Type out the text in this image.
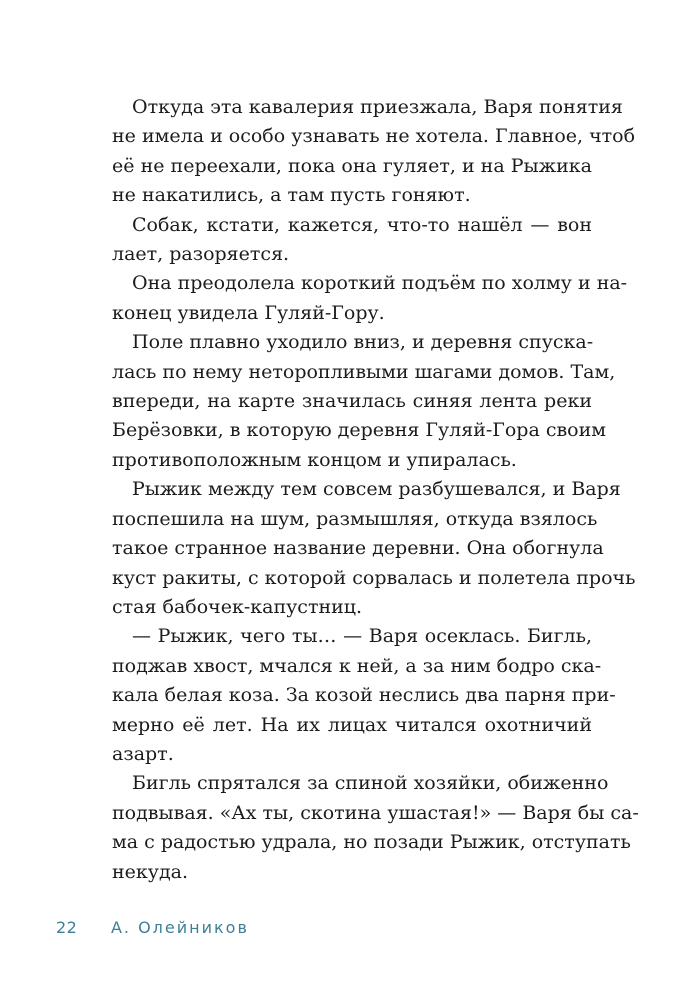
Откуда эта кавалерия приезжала, Варя понятия
не имела и особо узнавать не хотела. Главное, чтоб
её не переехали, пока она гуляет, и на Рыжика
не накатились, а там пусть гоняют.

Собак, кстати, кажется, что-то нашёл — вон
лает, разоряется.

Она преодолела короткий подъём по холму и на-
конец увидела Гуляй-Гору.

Поле плавно уходило вниз, и деревня спуска-
лась по нему неторопливыми шагами домов. Там,
впереди, на карте значилась синяя лента реки
Берёзовки, в которую деревня Гуляй-Гора своим
противоположным концом и упиралась.

Рыжик между тем совсем разбушевался, и Варя
поспешила на шум, размышляя, откуда взялось
такое странное название деревни. Она обогнула
куст ракиты, с которой сорвалась и полетела прочь
стая бабочек-капустниц.

— Рыжик, чего ты… — Варя осеклась. Бигль,
поджав хвост, мчался к ней, а за ним бодро ска-
кала белая коза. За козой неслись два парня при-
мерно её лет. На их лицах читался охотничий
азарт.

Бигль спрятался за спиной хозяйки, обиженно
подвывая. «Ах ты, скотина ушастая!» — Варя бы са-
ма с радостью удрала, но позади Рыжик, отступать
некуда.

22 А. Олейников
